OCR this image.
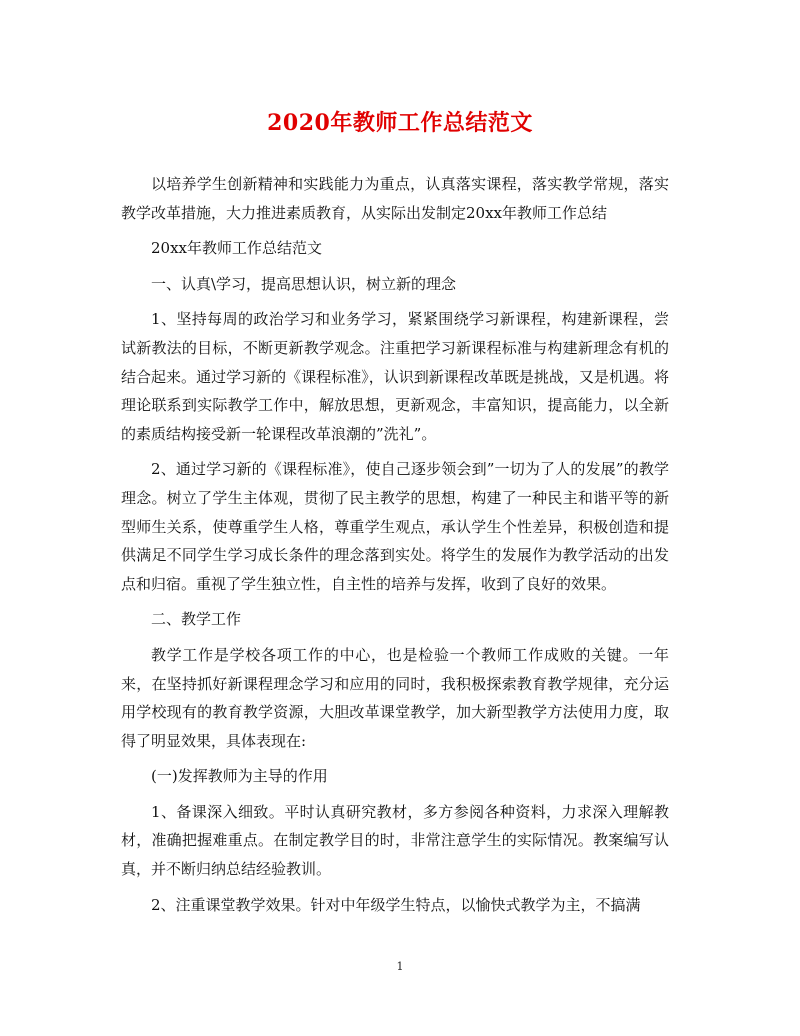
2020年教师工作总结范文

以培养学生创新精神和实践能力为重点，认真落实课程，落实教学常规，落实教学改革措施，大力推进素质教育，从实际出发制定20xx年教师工作总结

20xx年教师工作总结范文

一、认真\学习，提高思想认识，树立新的理念

1、坚持每周的政治学习和业务学习，紧紧围绕学习新课程，构建新课程，尝试新教法的目标，不断更新教学观念。注重把学习新课程标准与构建新理念有机的结合起来。通过学习新的《课程标准》，认识到新课程改革既是挑战，又是机遇。将理论联系到实际教学工作中，解放思想，更新观念，丰富知识，提高能力，以全新的素质结构接受新一轮课程改革浪潮的”洗礼”。

2、通过学习新的《课程标准》，使自己逐步领会到”一切为了人的发展”的教学理念。树立了学生主体观，贯彻了民主教学的思想，构建了一种民主和谐平等的新型师生关系，使尊重学生人格，尊重学生观点，承认学生个性差异，积极创造和提供满足不同学生学习成长条件的理念落到实处。将学生的发展作为教学活动的出发点和归宿。重视了学生独立性，自主性的培养与发挥，收到了良好的效果。

二、教学工作

教学工作是学校各项工作的中心，也是检验一个教师工作成败的关键。一年来，在坚持抓好新课程理念学习和应用的同时，我积极探索教育教学规律，充分运用学校现有的教育教学资源，大胆改革课堂教学，加大新型教学方法使用力度，取得了明显效果，具体表现在:

(一)发挥教师为主导的作用

1、备课深入细致。平时认真研究教材，多方参阅各种资料，力求深入理解教材，准确把握难重点。在制定教学目的时，非常注意学生的实际情况。教案编写认真，并不断归纳总结经验教训。

2、注重课堂教学效果。针对中年级学生特点，以愉快式教学为主，不搞满

1
